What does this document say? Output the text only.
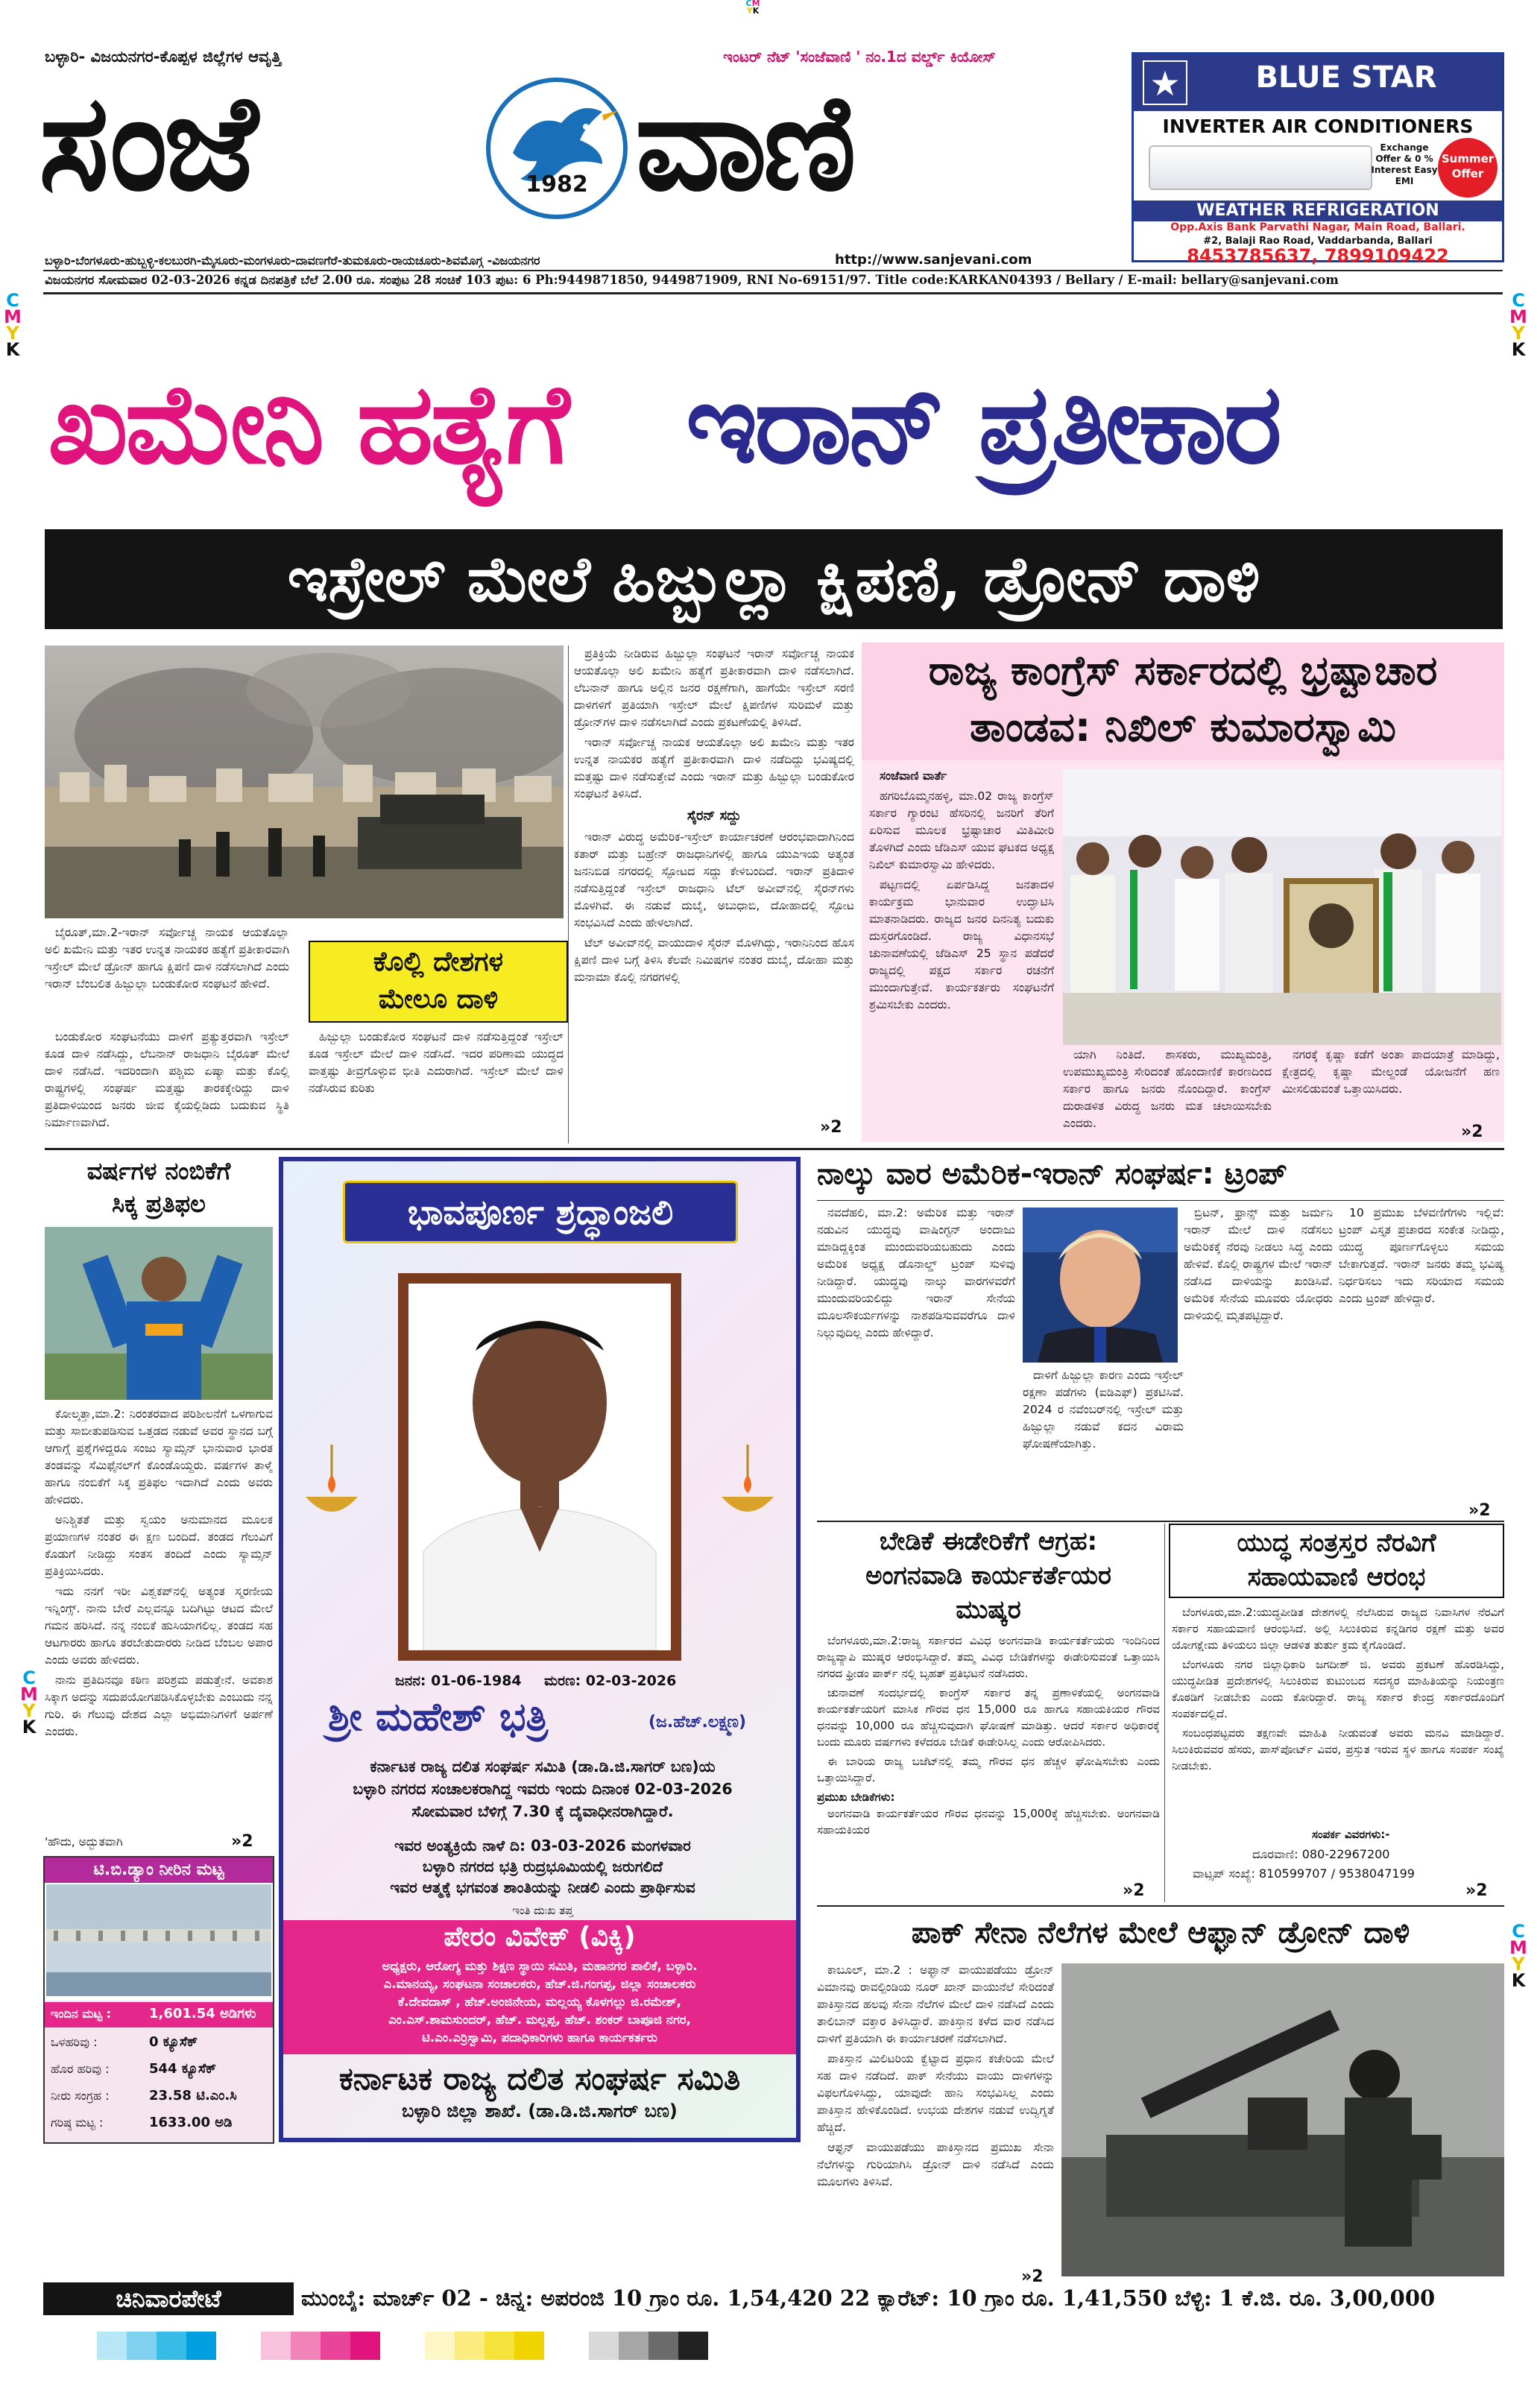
CM
YK
C
M
Y
K
C
M
Y
K
C
M
Y
K
C
M
Y
K
ಬಳ್ಳಾರಿ- ವಿಜಯನಗರ-ಕೊಪ್ಪಳ ಜಿಲ್ಲೆಗಳ ಆವೃತ್ತಿ	ಇಂಟರ್ ನೆಟ್ 'ಸಂಜೆವಾಣಿ ' ನಂ.1ದ ವರ್ಲ್ಡ್ ಕಿಯೋಸ್
ಸಂಜೆ	1982 ವಾಣಿ	★	BLUE STAR
INVERTER AIR CONDITIONERS
Exchange Offer & 0 % Interest Easy EMI
Summer Offer
WEATHER REFRIGERATION
Opp.Axis Bank Parvathi Nagar, Main Road, Ballari.
#2, Balaji Rao Road, Vaddarbanda, Ballari
8453785637, 7899109422
ಬಳ್ಳಾರಿ-ಬೆಂಗಳೂರು-ಹುಬ್ಬಳ್ಳಿ-ಕಲಬುರಗಿ-ಮೈಸೂರು-ಮಂಗಳೂರು-ದಾವಣಗೆರೆ-ತುಮಕೂರು-ರಾಯಚೂರು-ಶಿವಮೊಗ್ಗ -ವಿಜಯನಗರ	http://www.sanjevani.com
ವಿಜಯನಗರ ಸೋಮವಾರ 02-03-2026 ಕನ್ನಡ ದಿನಪತ್ರಿಕೆ ಬೆಲೆ 2.00 ರೂ. ಸಂಪುಟ 28 ಸಂಚಿಕೆ 103 ಪುಟ: 6 Ph:9449871850, 9449871909, RNI No-69151/97. Title code:KARKAN04393 / Bellary / E-mail: bellary@sanjevani.com
ಖಮೇನಿ ಹತ್ಯೆಗೆ	ಇರಾನ್ ಪ್ರತೀಕಾರ
ಇಸ್ರೇಲ್ ಮೇಲೆ ಹಿಜ್ಬುಲ್ಲಾ ಕ್ಷಿಪಣಿ, ಡ್ರೋನ್ ದಾಳಿ

ಬೈರೂತ್,ಮಾ.2-ಇರಾನ್ ಸರ್ವೋಚ್ಚ ನಾಯಕ ಆಯತೊಲ್ಲಾ ಅಲಿ ಖಮೇನಿ ಮತ್ತು ಇತರ ಉನ್ನತ ನಾಯಕರ ಹತ್ಯೆಗೆ ಪ್ರತೀಕಾರವಾಗಿ ಇಸ್ರೇಲ್ ಮೇಲೆ ಡ್ರೋನ್ ಹಾಗೂ ಕ್ಷಿಪಣಿ ದಾಳಿ ನಡೆಸಲಾಗಿದೆ ಎಂದು ಇರಾನ್ ಬೆಂಬಲಿತ ಹಿಜ್ಬುಲ್ಲಾ ಬಂಡುಕೋರ ಸಂಘಟನೆ ಹೇಳಿದೆ.

ಕೊಲ್ಲಿ ದೇಶಗಳ
ಮೇಲೂ ದಾಳಿ

ಬಂಡುಕೋರ ಸಂಘಟನೆಯು ದಾಳಿಗೆ ಪ್ರತ್ಯುತ್ತರವಾಗಿ ಇಸ್ರೇಲ್ ಕೂಡ ದಾಳಿ ನಡೆಸಿದ್ದು, ಲೆಬನಾನ್ ರಾಜಧಾನಿ ಬೈರೂತ್ ಮೇಲೆ ದಾಳಿ ನಡೆಸಿದೆ. ಇದರಿಂದಾಗಿ ಪಶ್ಚಿಮ ಏಷ್ಯಾ ಮತ್ತು ಕೊಲ್ಲಿ ರಾಷ್ಟ್ರಗಳಲ್ಲಿ ಸಂಘರ್ಷ ಮತ್ತಷ್ಟು ತಾರಕಕ್ಕೇರಿದ್ದು ದಾಳಿ ಪ್ರತಿದಾಳಿಯಿಂದ ಜನರು ಜೀವ ಕೈಯಲ್ಲಿಡಿದು ಬದುಕುವ ಸ್ಥಿತಿ ನಿರ್ಮಾಣವಾಗಿದೆ.

ಹಿಜ್ಬುಲ್ಲಾ ಬಂಡುಕೋರ ಸಂಘಟನೆ ದಾಳಿ ನಡೆಸುತ್ತಿದ್ದಂತೆ ಇಸ್ರೇಲ್ ಕೂಡ ಇಸ್ರೇಲ್ ಮೇಲೆ ದಾಳಿ ನಡೆಸಿದೆ. ಇದರ ಪರಿಣಾಮ ಯುದ್ಧದ ವಾತ್ತಷ್ಟು ತೀವ್ರಗೊಳ್ಳುವ ಭೀತಿ ಎದುರಾಗಿದೆ. ಇಸ್ರೇಲ್ ಮೇಲೆ ದಾಳಿ ನಡೆಸಿರುವ ಕುರಿತು

ಪ್ರತಿಕ್ರಿಯೆ ನೀಡಿರುವ ಹಿಜ್ಬುಲ್ಲಾ ಸಂಘಟನೆ ಇರಾನ್ ಸರ್ವೋಚ್ಚ ನಾಯಕ ಆಯತೊಲ್ಲಾ ಅಲಿ ಖಮೇನಿ ಹತ್ಯೆಗೆ ಪ್ರತೀಕಾರವಾಗಿ ದಾಳಿ ನಡೆಸಲಾಗಿದೆ. ಲೆಬನಾನ್ ಹಾಗೂ ಅಲ್ಲಿನ ಜನರ ರಕ್ಷಣೆಗಾಗಿ, ಹಾಗೆಯೇ ಇಸ್ರೇಲ್ ಸರಣಿ ದಾಳಿಗಳಿಗೆ ಪ್ರತಿಯಾಗಿ ಇಸ್ರೇಲ್ ಮೇಲೆ ಕ್ಷಿಪಣಿಗಳ ಸುರಿಮಳೆ ಮತ್ತು ಡ್ರೋನ್‌ಗಳ ದಾಳಿ ನಡೆಸಲಾಗಿದೆ ಎಂದು ಪ್ರಕಟಣೆಯಲ್ಲಿ ತಿಳಿಸಿದೆ.

ಇರಾನ್ ಸರ್ವೋಚ್ಚ ನಾಯಕ ಆಯತೊಲ್ಲಾ ಅಲಿ ಖಮೇನಿ ಮತ್ತು ಇತರ ಉನ್ನತ ನಾಯಕರ ಹತ್ಯೆಗೆ ಪ್ರತೀಕಾರವಾಗಿ ದಾಳಿ ನಡೆದಿದ್ದು ಭವಿಷ್ಯದಲ್ಲಿ ಮತ್ತಷ್ಟು ದಾಳಿ ನಡೆಸುತ್ತೇವೆ ಎಂದು ಇರಾನ್ ಮತ್ತು ಹಿಜ್ಬುಲ್ಲಾ ಬಂಡುಕೋರ ಸಂಘಟನೆ ತಿಳಿಸಿದೆ.

ಸೈರನ್ ಸದ್ದು

ಇರಾನ್ ವಿರುದ್ಧ ಅಮೆರಿಕ-ಇಸ್ರೇಲ್ ಕಾರ್ಯಾಚರಣೆ ಆರಂಭವಾದಾಗಿನಿಂದ ಕತಾರ್ ಮತ್ತು ಬಹ್ರೇನ್ ರಾಜಧಾನಿಗಳಲ್ಲಿ ಹಾಗೂ ಯುಎಇಯ ಅತ್ಯಂತ ಜನನಿಬಿಡ ನಗರದಲ್ಲಿ ಸ್ಫೋಟದ ಸದ್ದು ಕೇಳಿಬಂದಿದೆ. ಇರಾನ್ ಪ್ರತಿದಾಳಿ ನಡೆಸುತ್ತಿದ್ದಂತೆ ಇಸ್ರೇಲ್ ರಾಜಧಾನಿ ಟೆಲ್ ಅವೀವ್‌ನಲ್ಲಿ ಸೈರನ್‌ಗಳು ಮೊಳಗಿವೆ. ಈ ನಡುವೆ ದುಬೈ, ಅಬುಧಾಬಿ, ದೋಹಾದಲ್ಲಿ ಸ್ಫೋಟ ಸಂಭವಿಸಿದೆ ಎಂದು ಹೇಳಲಾಗಿದೆ.

ಟೆಲ್ ಅವೀವ್‌ನಲ್ಲಿ ವಾಯುದಾಳಿ ಸೈರನ್ ಮೊಳಗಿದ್ದು, ಇರಾನಿನಿಂದ ಹೊಸ ಕ್ಷಿಪಣಿ ದಾಳಿ ಬಗ್ಗೆ ತಿಳಿಸಿ ಕೆಲವೇ ನಿಮಿಷಗಳ ನಂತರ ದುಬೈ, ದೋಹಾ ಮತ್ತು ಮನಾಮಾ ಕೊಲ್ಲಿ ನಗರಗಳಲ್ಲಿ

»2
ರಾಜ್ಯ ಕಾಂಗ್ರೆಸ್ ಸರ್ಕಾರದಲ್ಲಿ ಭ್ರಷ್ಟಾಚಾರ
ತಾಂಡವ: ನಿಖಿಲ್ ಕುಮಾರಸ್ವಾಮಿ

ಸಂಜೆವಾಣಿ ವಾರ್ತೆ

ಹಗರಿಬೊಮ್ಮನಹಳ್ಳಿ, ಮಾ.02 ರಾಜ್ಯ ಕಾಂಗ್ರೆಸ್ ಸರ್ಕಾರ ಗ್ಯಾರಂಟಿ ಹೆಸರಿನಲ್ಲಿ ಜನರಿಗೆ ತೆರಿಗೆ ಏರಿಸುವ ಮೂಲಕ ಭ್ರಷ್ಟಾಚಾರ ಮಿತಿಮೀರಿ ತೊಳಗಿದೆ ಎಂದು ಜೆಡಿಎಸ್ ಯುವ ಘಟಕದ ಅಧ್ಯಕ್ಷ ನಿಖಿಲ್ ಕುಮಾರಸ್ವಾಮಿ ಹೇಳಿದರು.

ಪಟ್ಟಣದಲ್ಲಿ ಏರ್ಪಡಿಸಿದ್ದ ಜನತಾದಳ ಕಾರ್ಯಕ್ರಮ ಭಾನುವಾರ ಉದ್ಘಾಟಿಸಿ ಮಾತನಾಡಿದರು. ರಾಜ್ಯದ ಜನರ ದಿನನಿತ್ಯ ಬದುಕು ದುಸ್ತರಗೊಂಡಿದೆ. ರಾಜ್ಯ ವಿಧಾನಸಭೆ ಚುನಾವಣೆಯಲ್ಲಿ ಜೆಡಿಎಸ್ 25 ಸ್ಥಾನ ಪಡೆದರೆ ರಾಜ್ಯದಲ್ಲಿ ಪಕ್ಷದ ಸರ್ಕಾರ ರಚನೆಗೆ ಮುಂದಾಗುತ್ತೇವೆ. ಕಾರ್ಯಕರ್ತರು ಸಂಘಟನೆಗೆ ಶ್ರಮಿಸಬೇಕು ಎಂದರು.

ಯಾಗಿ ನಿಂತಿದೆ. ಶಾಸಕರು, ಮುಖ್ಯಮಂತ್ರಿ, ಉಪಮುಖ್ಯಮಂತ್ರಿ ಸೇರಿದಂತೆ ಹೊಂದಾಣಿಕೆ ಕಾರಣದಿಂದ ಸರ್ಕಾರ ಹಾಗೂ ಜನರು ನೊಂದಿದ್ದಾರೆ. ಕಾಂಗ್ರೆಸ್ ದುರಾಡಳಿತ ವಿರುದ್ಧ ಜನರು ಮತ ಚಲಾಯಿಸಬೇಕು ಎಂದರು.

ನಗರಕ್ಕೆ ಕೃಷ್ಣಾ ಕಡೆಗೆ ಅಂತಾ ಪಾದಯಾತ್ರೆ ಮಾಡಿದ್ದು, ಕ್ಷೇತ್ರದಲ್ಲಿ ಕೃಷ್ಣಾ ಮೇಲ್ದಂಡೆ ಯೋಜನೆಗೆ ಹಣ ಮೀಸಲಿಡುವಂತೆ ಒತ್ತಾಯಿಸಿದರು.

»2
ವರ್ಷಗಳ ನಂಬಿಕೆಗೆ
ಸಿಕ್ಕ ಪ್ರತಿಫಲ

ಕೋಲ್ಕತ್ತಾ,ಮಾ.2: ನಿರಂತರವಾದ ಪರಿಶೀಲನೆಗೆ ಒಳಗಾಗುವ ಮತ್ತು ಸಾಬೀತುಪಡಿಸುವ ಒತ್ತಡದ ನಡುವೆ ಅವರ ಸ್ಥಾನದ ಬಗ್ಗೆ ಆಗಾಗ್ಗೆ ಪ್ರಶ್ನೆಗಳಿದ್ದರೂ ಸಂಜು ಸ್ಯಾಮ್ಸನ್ ಭಾನುವಾರ ಭಾರತ ತಂಡವನ್ನು ಸೆಮಿಫೈನಲ್‌ಗೆ ಕೊಂಡೊಯ್ದರು. ವರ್ಷಗಳ ತಾಳ್ಮೆ ಹಾಗೂ ನಂಬಿಕೆಗೆ ಸಿಕ್ಕ ಪ್ರತಿಫಲ ಇದಾಗಿದೆ ಎಂದು ಅವರು ಹೇಳಿದರು.

ಅನಿಶ್ಚಿತತೆ ಮತ್ತು ಸ್ವಯಂ ಅನುಮಾನದ ಮೂಲಕ ಪ್ರಯಾಣಗಳ ನಂತರ ಈ ಕ್ಷಣ ಬಂದಿದೆ. ತಂಡದ ಗೆಲುವಿಗೆ ಕೊಡುಗೆ ನೀಡಿದ್ದು ಸಂತಸ ತಂದಿದೆ ಎಂದು ಸ್ಯಾಮ್ಸನ್ ಪ್ರತಿಕ್ರಿಯಿಸಿದರು.

ಇದು ನನಗೆ ಇರೀ ವಿಶ್ವಕಪ್‌ನಲ್ಲಿ ಅತ್ಯಂತ ಸ್ಮರಣೀಯ ಇನ್ನಿಂಗ್ಸ್. ನಾನು ಬೇರೆ ಎಲ್ಲವನ್ನೂ ಬದಿಗಿಟ್ಟು ಆಟದ ಮೇಲೆ ಗಮನ ಹರಿಸಿದೆ. ನನ್ನ ನಂಬಿಕೆ ಹುಸಿಯಾಗಲಿಲ್ಲ. ತಂಡದ ಸಹ ಆಟಗಾರರು ಹಾಗೂ ತರಬೇತುದಾರರು ನೀಡಿದ ಬೆಂಬಲ ಅಪಾರ ಎಂದು ಅವರು ಹೇಳಿದರು.

ನಾನು ಪ್ರತಿದಿನವೂ ಕಠಿಣ ಪರಿಶ್ರಮ ಪಡುತ್ತೇನೆ. ಅವಕಾಶ ಸಿಕ್ಕಾಗ ಅದನ್ನು ಸದುಪಯೋಗಪಡಿಸಿಕೊಳ್ಳಬೇಕು ಎಂಬುದು ನನ್ನ ಗುರಿ. ಈ ಗೆಲುವು ದೇಶದ ಎಲ್ಲಾ ಅಭಿಮಾನಿಗಳಿಗೆ ಅರ್ಪಣೆ ಎಂದರು.

'ಹೌದು, ಅದ್ಭುತವಾಗಿ	»2
ಟಿ.ಬಿ.ಡ್ಯಾಂ ನೀರಿನ ಮಟ್ಟ
ಇಂದಿನ ಮಟ್ಟ :	1,601.54 ಅಡಿಗಳು
ಒಳಹರಿವು :	0 ಕ್ಯೂಸೆಕ್
ಹೊರ ಹರಿವು :	544 ಕ್ಯೂಸೆಕ್
ನೀರು ಸಂಗ್ರಹ :	23.58 ಟಿ.ಎಂ.ಸಿ
ಗರಿಷ್ಠ ಮಟ್ಟ :	1633.00 ಅಡಿ
ಭಾವಪೂರ್ಣ ಶ್ರದ್ಧಾಂಜಲಿ
ಜನನ: 01-06-1984	ಮರಣ: 02-03-2026
ಶ್ರೀ ಮಹೇಶ್ ಭತ್ರಿ	(ಜ.ಹೆಚ್.ಲಕ್ಷ್ಮಣ)
ಕರ್ನಾಟಕ ರಾಜ್ಯ ದಲಿತ ಸಂಘರ್ಷ ಸಮಿತಿ (ಡಾ.ಡಿ.ಜಿ.ಸಾಗರ್ ಬಣ)ಯ
ಬಳ್ಳಾರಿ ನಗರದ ಸಂಚಾಲಕರಾಗಿದ್ದ ಇವರು ಇಂದು ದಿನಾಂಕ 02-03-2026
ಸೋಮವಾರ ಬೆಳಿಗ್ಗೆ 7.30 ಕ್ಕೆ ದೈವಾಧೀನರಾಗಿದ್ದಾರೆ.
ಇವರ ಅಂತ್ಯಕ್ರಿಯೆ ನಾಳೆ ದಿ: 03-03-2026 ಮಂಗಳವಾರ
ಬಳ್ಳಾರಿ ನಗರದ ಭತ್ರಿ ರುದ್ರಭೂಮಿಯಲ್ಲಿ ಜರುಗಲಿದೆ
ಇವರ ಆತ್ಮಕ್ಕೆ ಭಗವಂತ ಶಾಂತಿಯನ್ನು ನೀಡಲಿ ಎಂದು ಪ್ರಾರ್ಥಿಸುವ
ಇಂತಿ ದುಃಖ ತಪ್ತ
ಪೇರಂ ವಿವೇಕ್ (ವಿಕ್ಕಿ)
ಅಧ್ಯಕ್ಷರು, ಆರೋಗ್ಯ ಮತ್ತು ಶಿಕ್ಷಣ ಸ್ಥಾಯಿ ಸಮಿತಿ, ಮಹಾನಗರ ಪಾಲಿಕೆ, ಬಳ್ಳಾರಿ.
ಎ.ಮಾನಯ್ಯ, ಸಂಘಟನಾ ಸಂಚಾಲಕರು, ಹೆಚ್.ಜಿ.ಗಂಗಪ್ಪ, ಜಿಲ್ಲಾ ಸಂಚಾಲಕರು
ಕೆ.ದೇವದಾಸ್ , ಹೆಚ್.ಅಂಜಿನೇಯ, ಮಲ್ಲಯ್ಯ ಕೊಳಗಲ್ಲು ಜಿ.ರಮೇಶ್,
ಎಂ.ಎಸ್.ಶಾಮಸುಂದರ್, ಹೆಚ್. ಮಲ್ಲಪ್ಪ, ಹೆಚ್. ಶಂಕರ್ ಬಾಪೂಜಿ ನಗರ,
ಟಿ.ಎಂ.ಎರ್ರಿಸ್ವಾಮಿ, ಪದಾಧಿಕಾರಿಗಳು ಹಾಗೂ ಕಾರ್ಯಕರ್ತರು
ಕರ್ನಾಟಕ ರಾಜ್ಯ ದಲಿತ ಸಂಘರ್ಷ ಸಮಿತಿ
ಬಳ್ಳಾರಿ ಜಿಲ್ಲಾ ಶಾಖೆ. (ಡಾ.ಡಿ.ಜಿ.ಸಾಗರ್ ಬಣ)
ನಾಲ್ಕು ವಾರ ಅಮೆರಿಕ-ಇರಾನ್ ಸಂಘರ್ಷ: ಟ್ರಂಪ್

ನವದೆಹಲಿ, ಮಾ.2: ಅಮೆರಿಕ ಮತ್ತು ಇರಾನ್ ನಡುವಿನ ಯುದ್ಧವು ವಾಷಿಂಗ್ಟನ್ ಅಂದಾಜು ಮಾಡಿದ್ದಕ್ಕಿಂತ ಮುಂದುವರಿಯಬಹುದು ಎಂದು ಅಮೆರಿಕ ಅಧ್ಯಕ್ಷ ಡೊನಾಲ್ಡ್ ಟ್ರಂಪ್ ಸುಳಿವು ನೀಡಿದ್ದಾರೆ. ಯುದ್ಧವು ನಾಲ್ಕು ವಾರಗಳವರೆಗೆ ಮುಂದುವರಿಯಲಿದ್ದು ಇರಾನ್ ಸೇನೆಯ ಮೂಲಸೌಕರ್ಯಗಳನ್ನು ನಾಶಪಡಿಸುವವರೆಗೂ ದಾಳಿ ನಿಲ್ಲುವುದಿಲ್ಲ ಎಂದು ಹೇಳಿದ್ದಾರೆ.

ಬ್ರಿಟನ್, ಫ್ರಾನ್ಸ್ ಮತ್ತು ಜರ್ಮನಿ ಇರಾನ್ ಮೇಲೆ ದಾಳಿ ನಡೆಸಲು ಅಮೆರಿಕಕ್ಕೆ ನೆರವು ನೀಡಲು ಸಿದ್ಧ ಎಂದು ಹೇಳಿವೆ. ಕೊಲ್ಲಿ ರಾಷ್ಟ್ರಗಳ ಮೇಲೆ ಇರಾನ್ ನಡೆಸಿದ ದಾಳಿಯನ್ನು ಖಂಡಿಸಿವೆ. ಅಮೆರಿಕ ಸೇನೆಯ ಮೂವರು ಯೋಧರು ದಾಳಿಯಲ್ಲಿ ಮೃತಪಟ್ಟಿದ್ದಾರೆ.

ದಾಳಿಗೆ ಹಿಜ್ಬುಲ್ಲಾ ಕಾರಣ ಎಂದು ಇಸ್ರೇಲ್ ರಕ್ಷಣಾ ಪಡೆಗಳು (ಐಡಿಎಫ್) ಪ್ರಕಟಿಸಿವೆ. 2024 ರ ನವೆಂಬರ್‌ನಲ್ಲಿ ಇಸ್ರೇಲ್ ಮತ್ತು ಹಿಜ್ಬುಲ್ಲಾ ನಡುವೆ ಕದನ ವಿರಾಮ ಘೋಷಣೆಯಾಗಿತ್ತು.

10 ಪ್ರಮುಖ ಬೆಳವಣಿಗೆಗಳು ಇಲ್ಲಿವೆ: ಟ್ರಂಪ್ ವಿಸ್ತೃತ ಪ್ರಚಾರದ ಸಂಕೇತ ನೀಡಿದ್ದು, ಯುದ್ಧ ಪೂರ್ಣಗೊಳ್ಳಲು ಸಮಯ ಬೇಕಾಗುತ್ತದೆ. ಇರಾನ್ ಜನರು ತಮ್ಮ ಭವಿಷ್ಯ ನಿರ್ಧರಿಸಲು ಇದು ಸರಿಯಾದ ಸಮಯ ಎಂದು ಟ್ರಂಪ್ ಹೇಳಿದ್ದಾರೆ.

»2
ಬೇಡಿಕೆ ಈಡೇರಿಕೆಗೆ ಆಗ್ರಹ:
ಅಂಗನವಾಡಿ ಕಾರ್ಯಕರ್ತೆಯರ
ಮುಷ್ಕರ

ಬೆಂಗಳೂರು,ಮಾ.2:ರಾಜ್ಯ ಸರ್ಕಾರದ ವಿವಿಧ ಅಂಗನವಾಡಿ ಕಾರ್ಯಕರ್ತೆಯರು ಇಂದಿನಿಂದ ರಾಜ್ಯವ್ಯಾಪಿ ಮುಷ್ಕರ ಆರಂಭಿಸಿದ್ದಾರೆ. ತಮ್ಮ ವಿವಿಧ ಬೇಡಿಕೆಗಳನ್ನು ಈಡೇರಿಸುವಂತೆ ಒತ್ತಾಯಿಸಿ ನಗರದ ಫ್ರೀಡಂ ಪಾರ್ಕ್ ನಲ್ಲಿ ಬೃಹತ್ ಪ್ರತಿಭಟನೆ ನಡೆಸಿದರು.

ಚುನಾವಣೆ ಸಂದರ್ಭದಲ್ಲಿ ಕಾಂಗ್ರೆಸ್ ಸರ್ಕಾರ ತನ್ನ ಪ್ರಣಾಳಿಕೆಯಲ್ಲಿ ಅಂಗನವಾಡಿ ಕಾರ್ಯಕರ್ತೆಯರಿಗೆ ಮಾಸಿಕ ಗೌರವ ಧನ 15,000 ರೂ ಹಾಗೂ ಸಹಾಯಕಿಯರ ಗೌರವ ಧನವನ್ನು 10,000 ರೂ ಹೆಚ್ಚಿಸುವುದಾಗಿ ಘೋಷಣೆ ಮಾಡಿತ್ತು. ಆದರೆ ಸರ್ಕಾರ ಅಧಿಕಾರಕ್ಕೆ ಬಂದು ಮೂರು ವರ್ಷಗಳು ಕಳೆದರೂ ಬೇಡಿಕೆ ಈಡೇರಿಸಿಲ್ಲ ಎಂದು ಆರೋಪಿಸಿದರು.

ಈ ಬಾರಿಯ ರಾಜ್ಯ ಬಜೆಟ್‌ನಲ್ಲಿ ತಮ್ಮ ಗೌರವ ಧನ ಹೆಚ್ಚಳ ಘೋಷಿಸಬೇಕು ಎಂದು ಒತ್ತಾಯಿಸಿದ್ದಾರೆ.

ಪ್ರಮುಖ ಬೇಡಿಕೆಗಳು:

ಅಂಗನವಾಡಿ ಕಾರ್ಯಕರ್ತೆಯರ ಗೌರವ ಧನವನ್ನು 15,000ಕ್ಕೆ ಹೆಚ್ಚಿಸಬೇಕು. ಅಂಗನವಾಡಿ ಸಹಾಯಕಿಯರ

»2
ಯುದ್ಧ ಸಂತ್ರಸ್ತರ ನೆರವಿಗೆ
ಸಹಾಯವಾಣಿ ಆರಂಭ

ಬೆಂಗಳೂರು,ಮಾ.2:ಯುದ್ಧಪೀಡಿತ ದೇಶಗಳಲ್ಲಿ ನೆಲೆಸಿರುವ ರಾಜ್ಯದ ನಿವಾಸಿಗಳ ನೆರವಿಗೆ ಸರ್ಕಾರ ಸಹಾಯವಾಣಿ ಆರಂಭಿಸಿದೆ. ಅಲ್ಲಿ ಸಿಲುಕಿರುವ ಕನ್ನಡಿಗರ ರಕ್ಷಣೆ ಮತ್ತು ಅವರ ಯೋಗಕ್ಷೇಮ ತಿಳಿಯಲು ಜಿಲ್ಲಾ ಆಡಳಿತ ತುರ್ತು ಕ್ರಮ ಕೈಗೊಂಡಿದೆ.

ಬೆಂಗಳೂರು ನಗರ ಜಿಲ್ಲಾಧಿಕಾರಿ ಜಗದೀಶ್ ಜಿ. ಅವರು ಪ್ರಕಟಣೆ ಹೊರಡಿಸಿದ್ದು, ಯುದ್ಧಪೀಡಿತ ಪ್ರದೇಶಗಳಲ್ಲಿ ಸಿಲುಕಿರುವ ಕುಟುಂಬದ ಸದಸ್ಯರ ಮಾಹಿತಿಯನ್ನು ನಿಯಂತ್ರಣ ಕೊಠಡಿಗೆ ನೀಡಬೇಕು ಎಂದು ಕೋರಿದ್ದಾರೆ. ರಾಜ್ಯ ಸರ್ಕಾರ ಕೇಂದ್ರ ಸರ್ಕಾರದೊಂದಿಗೆ ಸಂಪರ್ಕದಲ್ಲಿದೆ.

ಸಂಬಂಧಪಟ್ಟವರು ತಕ್ಷಣವೇ ಮಾಹಿತಿ ನೀಡುವಂತೆ ಅವರು ಮನವಿ ಮಾಡಿದ್ದಾರೆ. ಸಿಲುಕಿರುವವರ ಹೆಸರು, ಪಾಸ್‌ಪೋರ್ಟ್ ವಿವರ, ಪ್ರಸ್ತುತ ಇರುವ ಸ್ಥಳ ಹಾಗೂ ಸಂಪರ್ಕ ಸಂಖ್ಯೆ ನೀಡಬೇಕು.

ಸಂಪರ್ಕ ವಿವರಗಳು:-
ದೂರವಾಣಿ: 080-22967200
ವಾಟ್ಸಪ್ ಸಂಖ್ಯೆ: 810599707 / 9538047199
»2
ಪಾಕ್ ಸೇನಾ ನೆಲೆಗಳ ಮೇಲೆ ಆಫ್ಘಾನ್ ಡ್ರೋನ್ ದಾಳಿ

ಕಾಬೂಲ್, ಮಾ.2 : ಅಫ್ಘಾನ್ ವಾಯುಪಡೆಯು ಡ್ರೋನ್ ವಿಮಾನವು ರಾವಲ್ಪಿಂಡಿಯ ನೂರ್ ಖಾನ್ ವಾಯುನೆಲೆ ಸೇರಿದಂತೆ ಪಾಕಿಸ್ತಾನದ ಹಲವು ಸೇನಾ ನೆಲೆಗಳ ಮೇಲೆ ದಾಳಿ ನಡೆಸಿದೆ ಎಂದು ತಾಲಿಬಾನ್ ವಕ್ತಾರ ತಿಳಿಸಿದ್ದಾರೆ. ಪಾಕಿಸ್ತಾನ ಕಳೆದ ವಾರ ನಡೆಸಿದ ದಾಳಿಗೆ ಪ್ರತಿಯಾಗಿ ಈ ಕಾರ್ಯಾಚರಣೆ ನಡೆಸಲಾಗಿದೆ.

ಪಾಕಿಸ್ತಾನ ಮಿಲಿಟರಿಯ ಕ್ವೆಟ್ಟಾದ ಪ್ರಧಾನ ಕಚೇರಿಯ ಮೇಲೆ ಸಹ ದಾಳಿ ನಡೆದಿದೆ. ಪಾಕ್ ಸೇನೆಯು ವಾಯು ದಾಳಿಗಳನ್ನು ವಿಫಲಗೊಳಿಸಿದ್ದು, ಯಾವುದೇ ಹಾನಿ ಸಂಭವಿಸಿಲ್ಲ ಎಂದು ಪಾಕಿಸ್ತಾನ ಹೇಳಿಕೊಂಡಿದೆ. ಉಭಯ ದೇಶಗಳ ನಡುವೆ ಉದ್ವಿಗ್ನತೆ ಹೆಚ್ಚಿದೆ.

ಆಫ್ಘನ್ ವಾಯುಪಡೆಯು ಪಾಕಿಸ್ತಾನದ ಪ್ರಮುಖ ಸೇನಾ ನೆಲೆಗಳನ್ನು ಗುರಿಯಾಗಿಸಿ ಡ್ರೋನ್ ದಾಳಿ ನಡೆಸಿದೆ ಎಂದು ಮೂಲಗಳು ತಿಳಿಸಿವೆ.

»2
ಚಿನಿವಾರಪೇಟೆ	ಮುಂಬೈ: ಮಾರ್ಚ್ 02 - ಚಿನ್ನ: ಅಪರಂಜಿ 10 ಗ್ರಾಂ ರೂ. 1,54,420 22 ಕ್ಯಾರೆಟ್: 10 ಗ್ರಾಂ ರೂ. 1,41,550 ಬೆಳ್ಳಿ: 1 ಕೆ.ಜಿ. ರೂ. 3,00,000
